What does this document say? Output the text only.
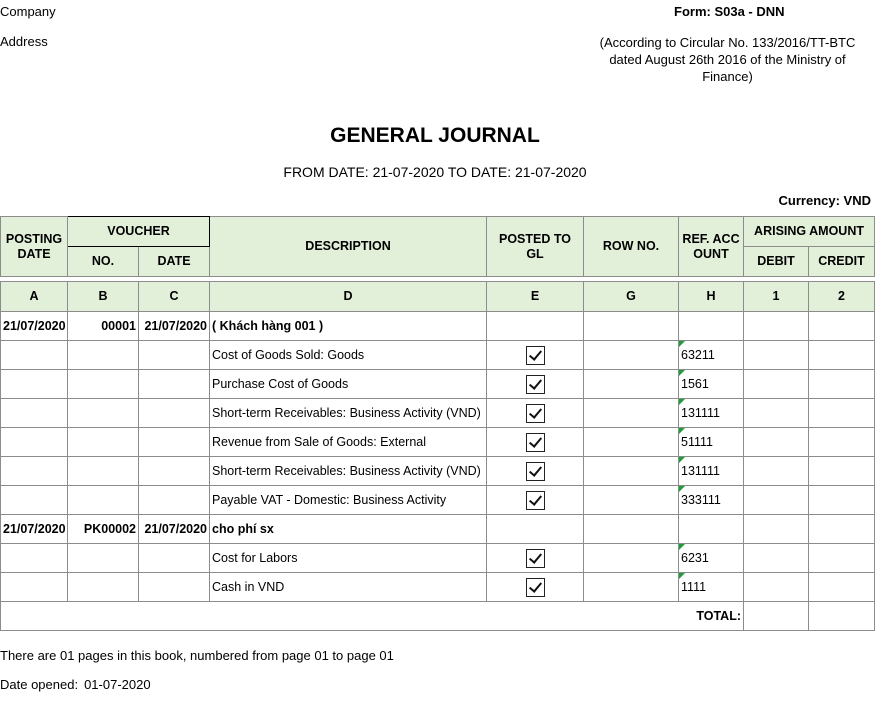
Company
Address
Form: S03a - DNN
(According to Circular No. 133/2016/TT-BTC
dated August 26th 2016 of the Ministry of Finance)
GENERAL JOURNAL
FROM DATE: 21-07-2020 TO DATE: 21-07-2020
Currency: VND
POSTING DATE	VOUCHER		DESCRIPTION	POSTED TO GL	ROW NO.	REF. ACCOUNT	ARISING AMOUNT	
	NO.	DATE					DEBIT	CREDIT

A	B	C	D	E	G	H	1	2
21/07/2020	00001	21/07/2020	( Khách hàng 001 )					
			Cost of Goods Sold: Goods			63211		
			Purchase Cost of Goods			1561		
			Short-term Receivables: Business Activity (VND)			131111		
			Revenue from Sale of Goods: External			51111		
			Short-term Receivables: Business Activity (VND)			131111		
			Payable VAT - Domestic: Business Activity			333111		
21/07/2020	PK00002	21/07/2020	cho phí sx					
			Cost for Labors			6231		
			Cash in VND			1111		
TOTAL:								
There are 01 pages in this book, numbered from page 01 to page 01
Date opened: 01-07-2020
